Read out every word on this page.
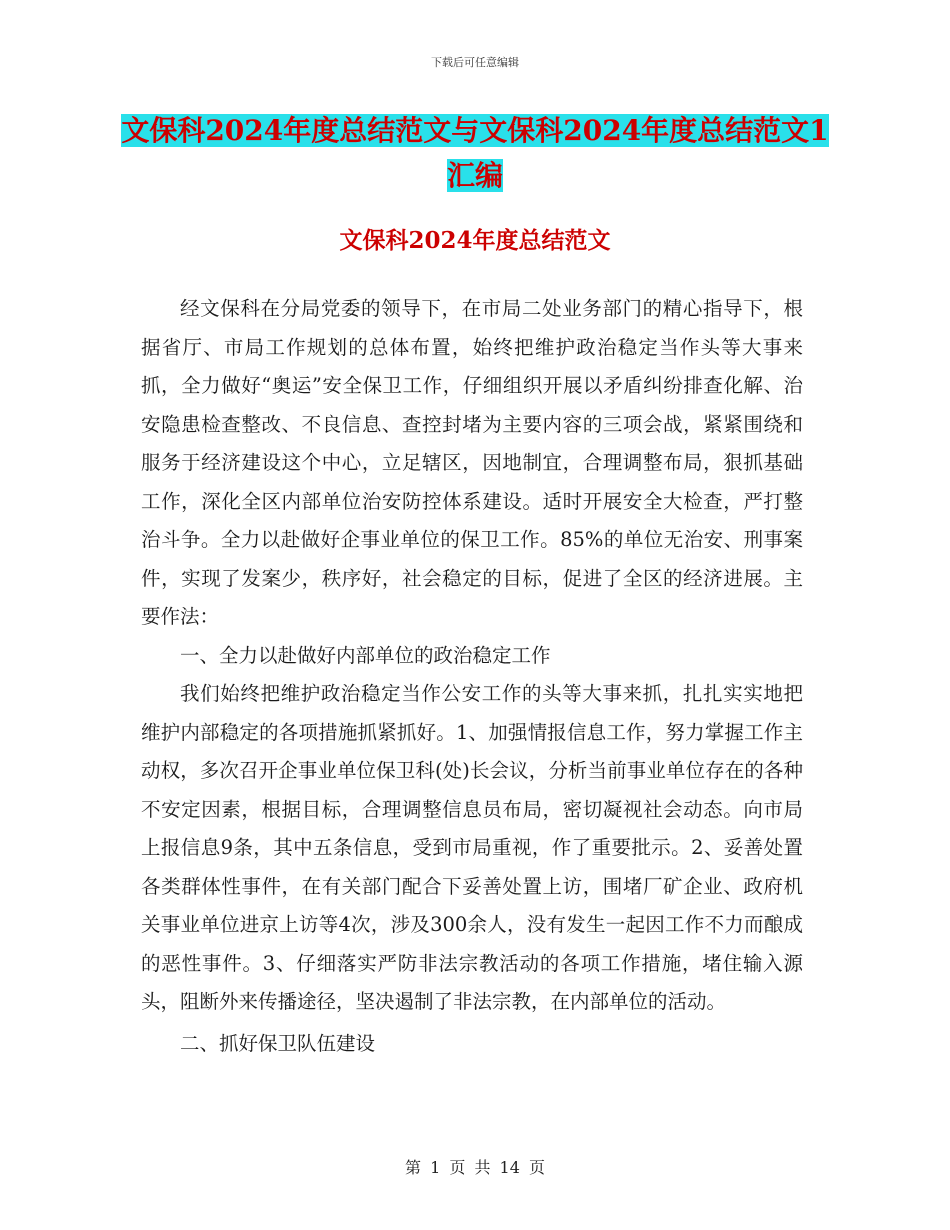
下载后可任意编辑
文保科2024年度总结范文与文保科2024年度总结范文1汇编
文保科2024年度总结范文

经文保科在分局党委的领导下，在市局二处业务部门的精心指导下，根据省厅、市局工作规划的总体布置，始终把维护政治稳定当作头等大事来抓，全力做好“奥运”安全保卫工作，仔细组织开展以矛盾纠纷排查化解、治安隐患检查整改、不良信息、查控封堵为主要内容的三项会战，紧紧围绕和服务于经济建设这个中心，立足辖区，因地制宜，合理调整布局，狠抓基础工作，深化全区内部单位治安防控体系建设。适时开展安全大检查，严打整治斗争。全力以赴做好企事业单位的保卫工作。85%的单位无治安、刑事案件，实现了发案少，秩序好，社会稳定的目标，促进了全区的经济进展。主要作法：

一、全力以赴做好内部单位的政治稳定工作

我们始终把维护政治稳定当作公安工作的头等大事来抓，扎扎实实地把维护内部稳定的各项措施抓紧抓好。1、加强情报信息工作，努力掌握工作主动权，多次召开企事业单位保卫科(处)长会议，分析当前事业单位存在的各种不安定因素，根据目标，合理调整信息员布局，密切凝视社会动态。向市局上报信息9条，其中五条信息，受到市局重视，作了重要批示。2、妥善处置各类群体性事件，在有关部门配合下妥善处置上访，围堵厂矿企业、政府机关事业单位进京上访等4次，涉及300余人，没有发生一起因工作不力而酿成的恶性事件。3、仔细落实严防非法宗教活动的各项工作措施，堵住输入源头，阻断外来传播途径，坚决遏制了非法宗教，在内部单位的活动。

二、抓好保卫队伍建设

第 1 页 共 14 页
